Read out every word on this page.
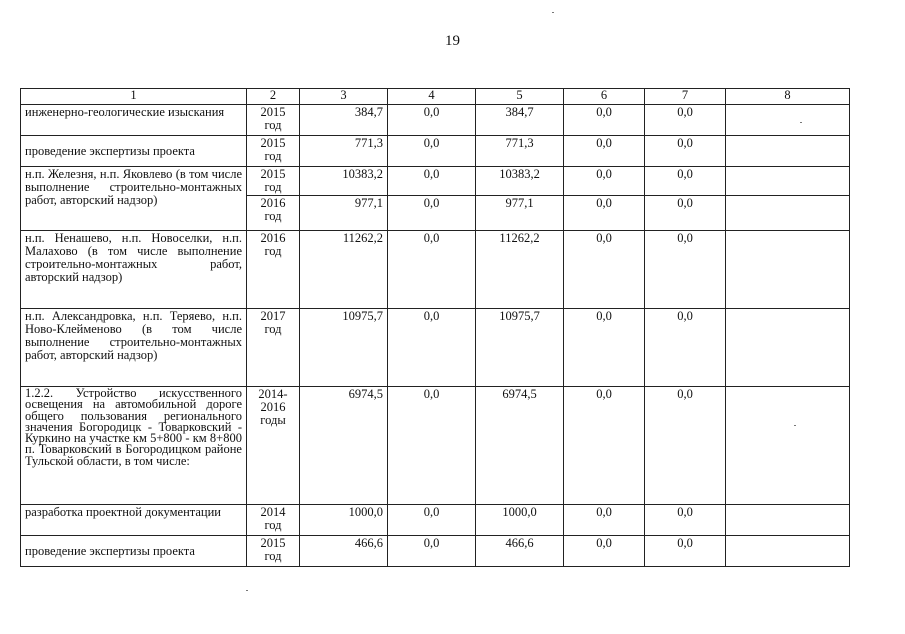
19
1	2	3	4	5	6	7	8
инженерно-геологические изыскания	2015 год	384,7	0,0	384,7	0,0	0,0	
проведение экспертизы проекта	2015 год	771,3	0,0	771,3	0,0	0,0	
н.п. Железня, н.п. Яковлево (в том числе выполнение строительно-монтажных работ, авторский надзор)	2015 год	10383,2	0,0	10383,2	0,0	0,0	
	2016 год	977,1	0,0	977,1	0,0	0,0	
н.п. Ненашево, н.п. Новоселки, н.п. Малахово (в том числе выполнение строительно-монтажных работ, авторский надзор)	2016 год	11262,2	0,0	11262,2	0,0	0,0	
н.п. Александровка, н.п. Теряево, н.п. Ново-Клейменово (в том числе выполнение строительно-монтажных работ, авторский надзор)	2017 год	10975,7	0,0	10975,7	0,0	0,0	
1.2.2. Устройство искусственного освещения на автомобильной дороге общего пользования регионального значения Богородицк - Товарковский - Куркино на участке км 5+800 - км 8+800 п. Товарковский в Богородицком районе Тульской области, в том числе:	2014-2016 годы	6974,5	0,0	6974,5	0,0	0,0	
разработка проектной документации	2014 год	1000,0	0,0	1000,0	0,0	0,0	
проведение экспертизы проекта	2015 год	466,6	0,0	466,6	0,0	0,0	
